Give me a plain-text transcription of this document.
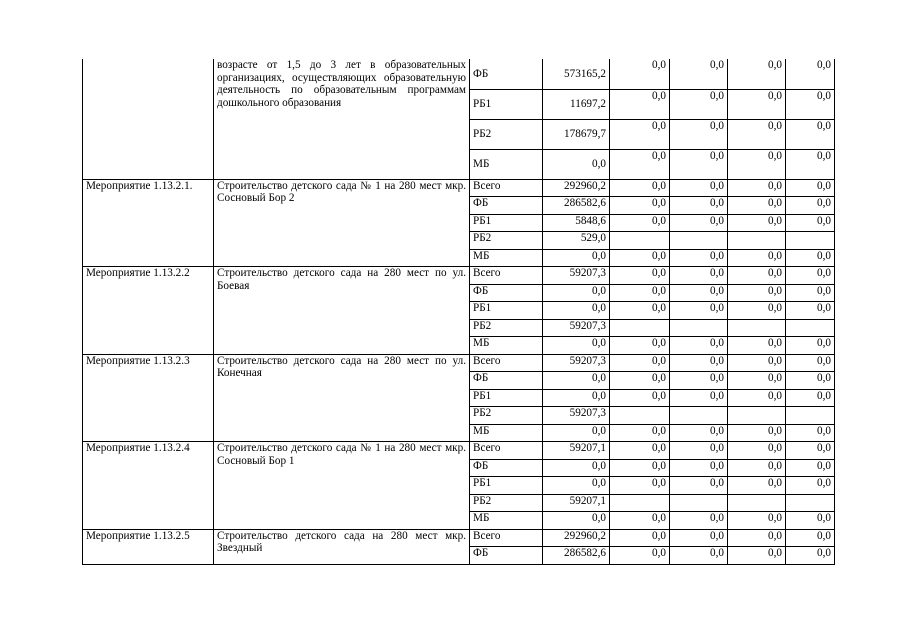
	возрасте от 1,5 до 3 лет в образовательных организациях, осуществляющих образовательную деятельность по образовательным программам дошкольного образования	ФБ	573165,2	0,0	0,0	0,0	0,0
		РБ1	11697,2	0,0	0,0	0,0	0,0
		РБ2	178679,7	0,0	0,0	0,0	0,0
		МБ	0,0	0,0	0,0	0,0	0,0
Мероприятие 1.13.2.1.	Строительство детского сада № 1 на 280 мест мкр. Сосновый Бор 2	Всего	292960,2	0,0	0,0	0,0	0,0
		ФБ	286582,6	0,0	0,0	0,0	0,0
		РБ1	5848,6	0,0	0,0	0,0	0,0
		РБ2	529,0				
		МБ	0,0	0,0	0,0	0,0	0,0
Мероприятие 1.13.2.2	Строительство детского сада на 280 мест по ул. Боевая	Всего	59207,3	0,0	0,0	0,0	0,0
		ФБ	0,0	0,0	0,0	0,0	0,0
		РБ1	0,0	0,0	0,0	0,0	0,0
		РБ2	59207,3				
		МБ	0,0	0,0	0,0	0,0	0,0
Мероприятие 1.13.2.3	Строительство детского сада на 280 мест по ул. Конечная	Всего	59207,3	0,0	0,0	0,0	0,0
		ФБ	0,0	0,0	0,0	0,0	0,0
		РБ1	0,0	0,0	0,0	0,0	0,0
		РБ2	59207,3				
		МБ	0,0	0,0	0,0	0,0	0,0
Мероприятие 1.13.2.4	Строительство детского сада № 1 на 280 мест мкр. Сосновый Бор 1	Всего	59207,1	0,0	0,0	0,0	0,0
		ФБ	0,0	0,0	0,0	0,0	0,0
		РБ1	0,0	0,0	0,0	0,0	0,0
		РБ2	59207,1				
		МБ	0,0	0,0	0,0	0,0	0,0
Мероприятие 1.13.2.5	Строительство детского сада на 280 мест мкр. Звездный	Всего	292960,2	0,0	0,0	0,0	0,0
		ФБ	286582,6	0,0	0,0	0,0	0,0
